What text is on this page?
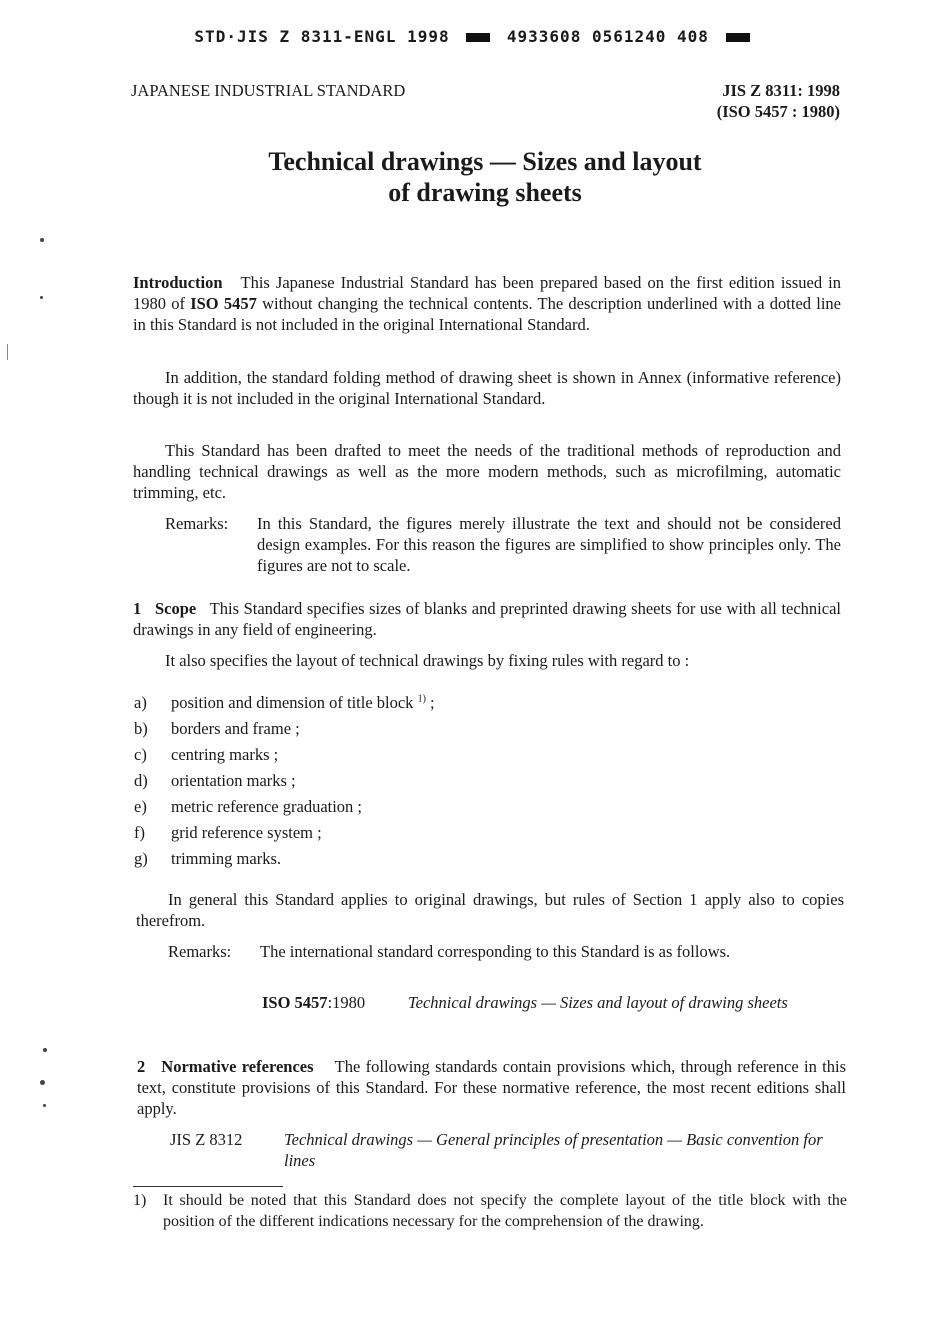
STD·JIS Z 8311-ENGL 1998	4933608 0561240 408
JAPANESE INDUSTRIAL STANDARD	JIS Z 8311: 1998
(ISO 5457 : 1980)
Technical drawings — Sizes and layout
of drawing sheets

Introduction This Japanese Industrial Standard has been prepared based on the first edition issued in 1980 of ISO 5457 without changing the technical contents. The description underlined with a dotted line in this Standard is not included in the original International Standard.

In addition, the standard folding method of drawing sheet is shown in Annex (informative reference) though it is not included in the original International Standard.

This Standard has been drafted to meet the needs of the traditional methods of reproduction and handling technical drawings as well as the more modern methods, such as microfilming, automatic trimming, etc.

Remarks:	In this Standard, the figures merely illustrate the text and should not be considered design examples. For this reason the figures are simplified to show principles only. The figures are not to scale.

1 Scope This Standard specifies sizes of blanks and preprinted drawing sheets for use with all technical drawings in any field of engineering.

It also specifies the layout of technical drawings by fixing rules with regard to :

a)	position and dimension of title block $^{1)}$ ;
b)	borders and frame ;
c)	centring marks ;
d)	orientation marks ;
e)	metric reference graduation ;
f)	grid reference system ;
g)	trimming marks.

In general this Standard applies to original drawings, but rules of Section 1 apply also to copies therefrom.

Remarks:	The international standard corresponding to this Standard is as follows.
ISO 5457:1980	Technical drawings — Sizes and layout of drawing sheets

2 Normative references The following standards contain provisions which, through reference in this text, constitute provisions of this Standard. For these normative reference, the most recent editions shall apply.

JIS Z 8312	Technical drawings — General principles of presentation — Basic convention for lines
1)	It should be noted that this Standard does not specify the complete layout of the title block with the position of the different indications necessary for the comprehension of the drawing.
